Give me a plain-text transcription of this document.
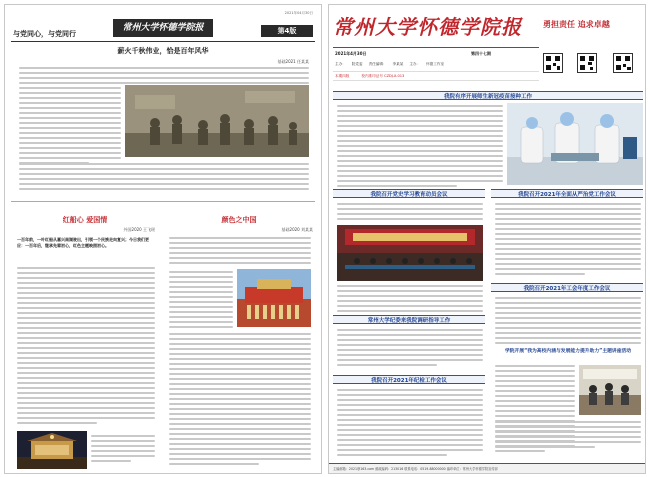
与党同心，与党同行
2021年04月30日
常州大学怀德学院报	第4版
薪火千秋伟业，恰是百年风华
基础2021 任某某
红船心 爱国情
外国2020 王飞瑶
一百年前，一叶红船从嘉兴南湖驶出，引领一个民族走向复兴；今日我们更应：一百年后，继承先辈初心，红色主题映照初心。
颜色之中国
基础2020 刘某某
常州大学怀德学院报	勇担责任 追求卓越
2021年4月30日	第四十七期
主办： 院党委 责任编辑： 李某某 主办： 怀德工作室
本期四版	校内准印证号 CZDJ-X-013
我院有序开展师生新冠疫苗接种工作
我院召开党史学习教育动员会议	我院召开2021年全面从严治党工作会议
常州大学纪委来我院调研指导工作
我院召开2021年纪检工作会议
我院召开2021年工会年度工作会议
学院开展“我为高校内涵与发展能力提升助力”主题讲座活动
主编邮箱：2021@163.com 邮政编码：213016 联系电话：0519-88000000 编印单位：常州大学怀德学院宣传部
